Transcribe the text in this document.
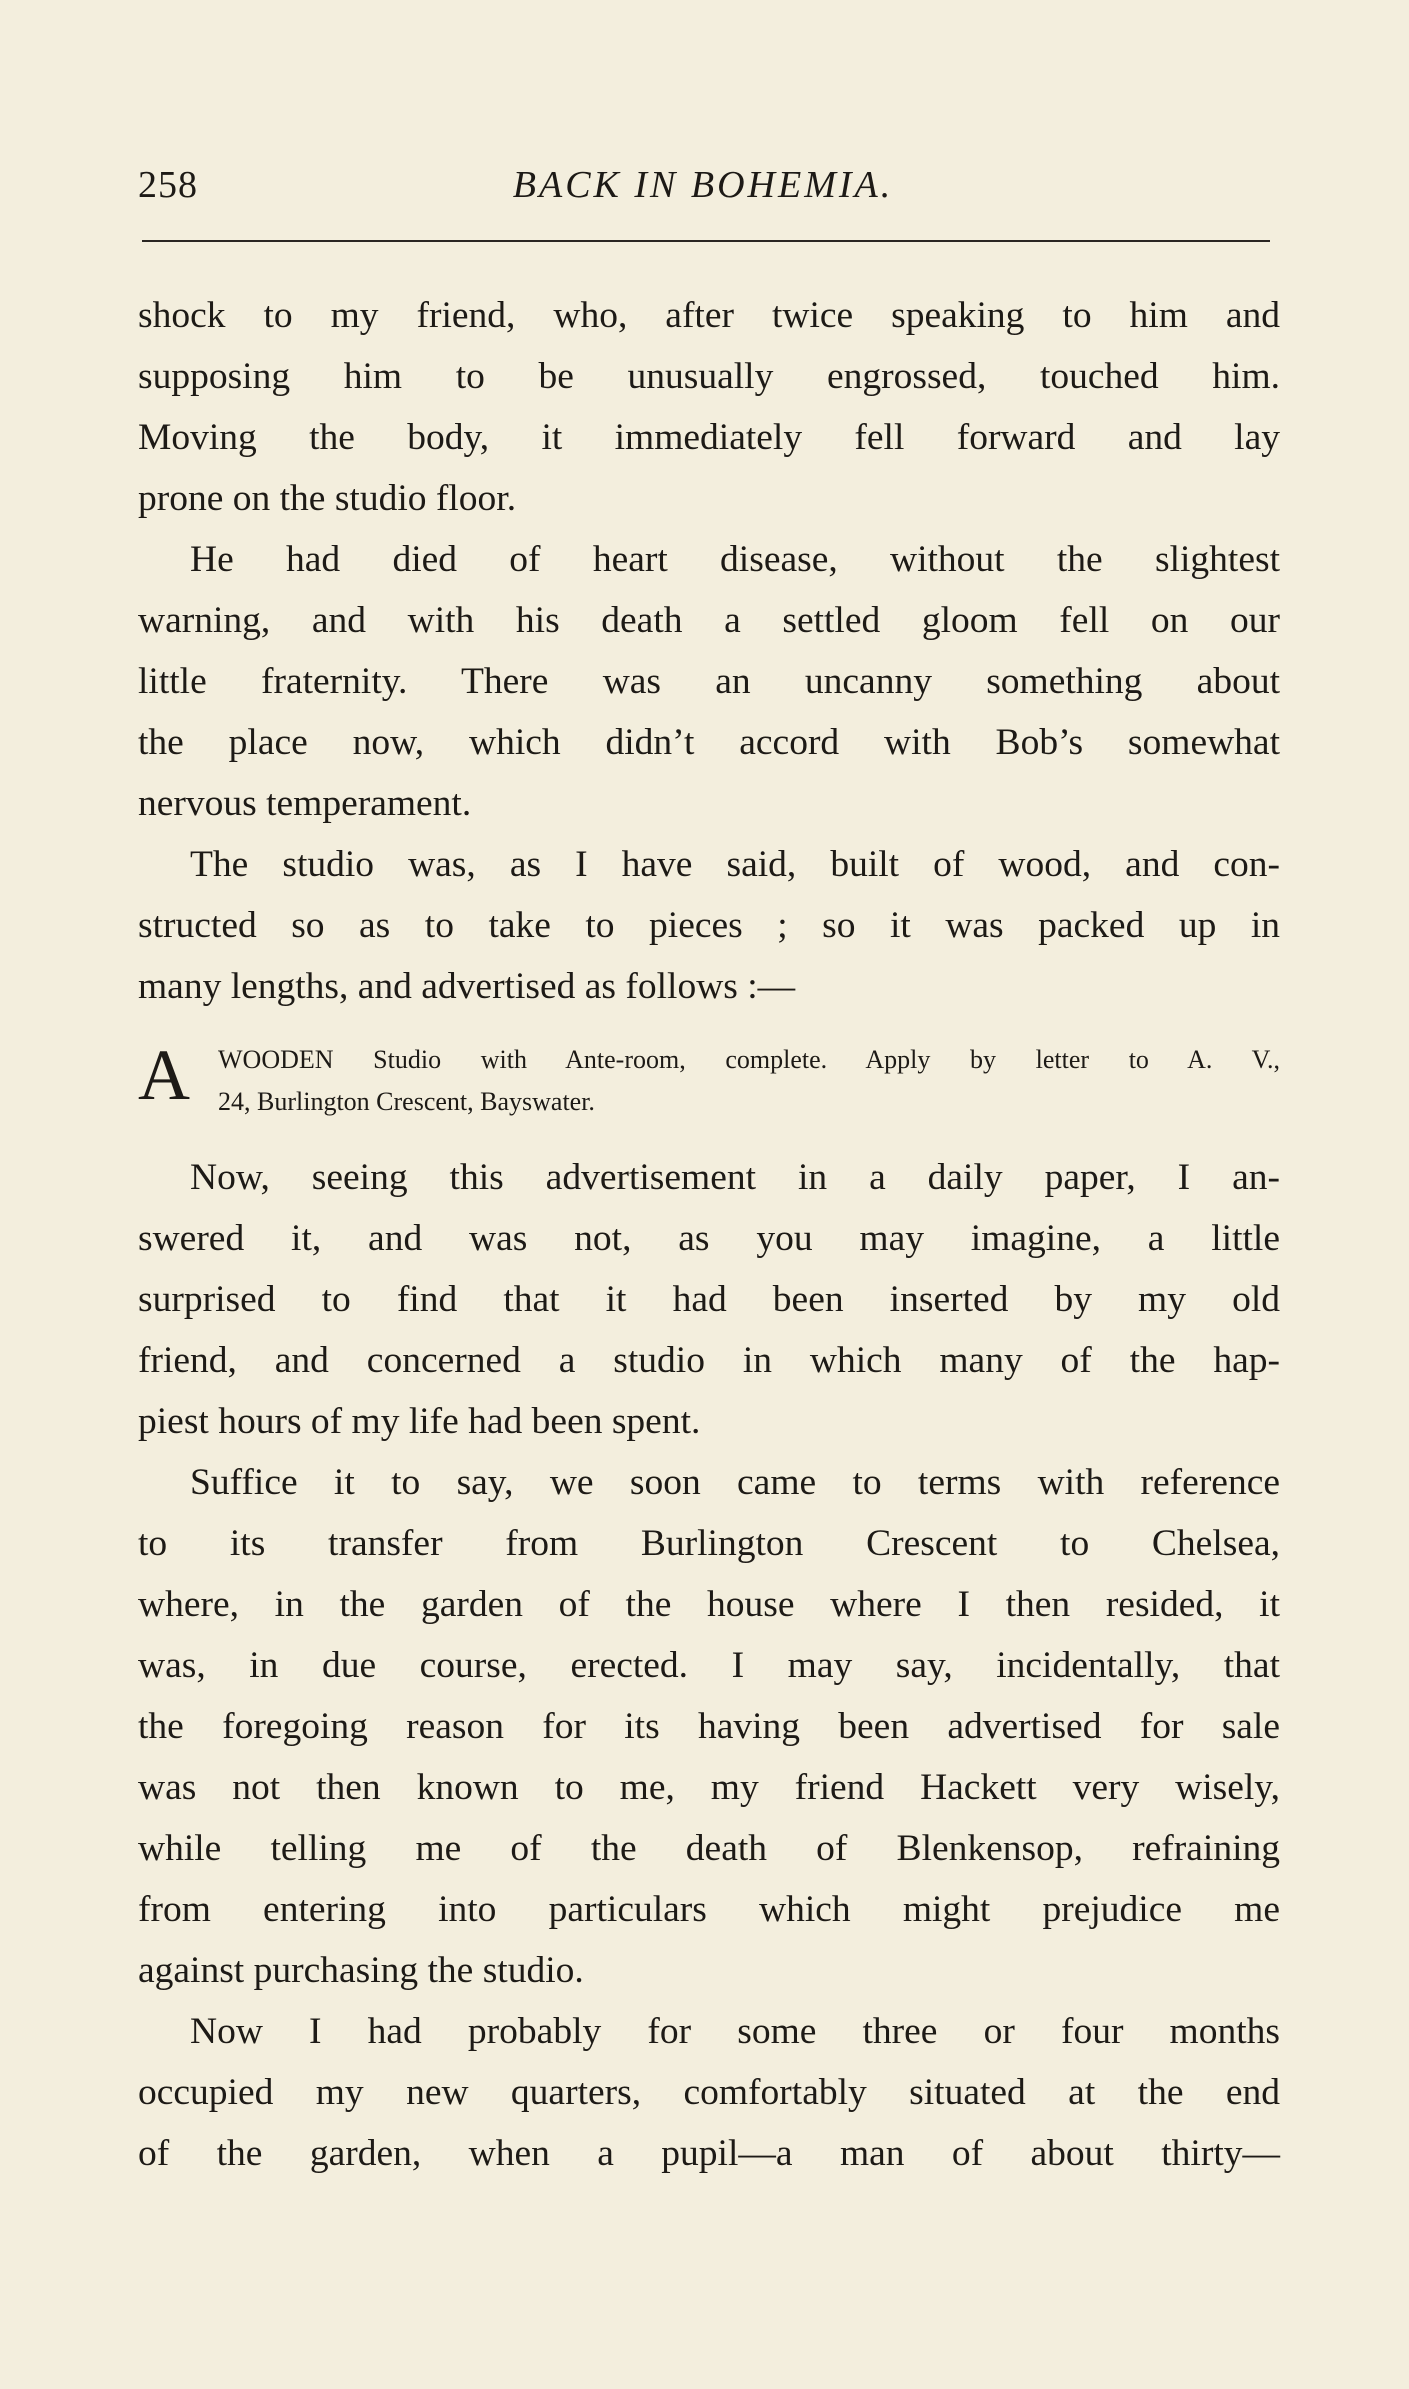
258	BACK IN BOHEMIA.

shock to my friend, who, after twice speaking to him and
supposing him to be unusually engrossed, touched him.
Moving the body, it immediately fell forward and lay
prone on the studio floor.

He had died of heart disease, without the slightest
warning, and with his death a settled gloom fell on our
little fraternity. There was an uncanny something about
the place now, which didn’t accord with Bob’s somewhat
nervous temperament.

The studio was, as I have said, built of wood, and con-
structed so as to take to pieces ; so it was packed up in
many lengths, and advertised as follows :—

A WOODEN Studio with Ante-room, complete. Apply by letter to A. V.,
24, Burlington Crescent, Bayswater.

Now, seeing this advertisement in a daily paper, I an-
swered it, and was not, as you may imagine, a little
surprised to find that it had been inserted by my old
friend, and concerned a studio in which many of the hap-
piest hours of my life had been spent.

Suffice it to say, we soon came to terms with reference
to its transfer from Burlington Crescent to Chelsea,
where, in the garden of the house where I then resided, it
was, in due course, erected. I may say, incidentally, that
the foregoing reason for its having been advertised for sale
was not then known to me, my friend Hackett very wisely,
while telling me of the death of Blenkensop, refraining
from entering into particulars which might prejudice me
against purchasing the studio.

Now I had probably for some three or four months
occupied my new quarters, comfortably situated at the end
of the garden, when a pupil—a man of about thirty—
